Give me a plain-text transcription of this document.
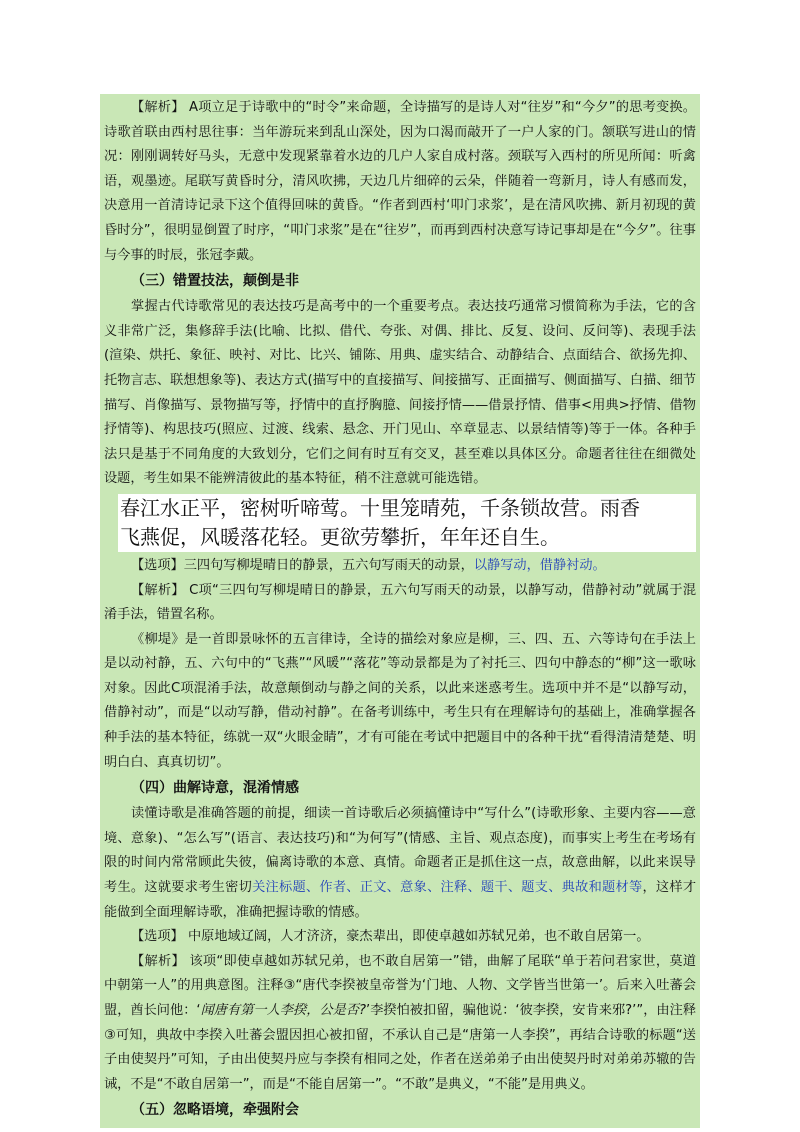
【解析】 A项立足于诗歌中的“时令”来命题，全诗描写的是诗人对“往岁”和“今夕”的思考变换。诗歌首联由西村思往事：当年游玩来到乱山深处，因为口渴而敲开了一户人家的门。颔联写进山的情况：刚刚调转好马头，无意中发现紧靠着水边的几户人家自成村落。颈联写入西村的所见所闻：听禽语，观墨迹。尾联写黄昏时分，清风吹拂，天边几片细碎的云朵，伴随着一弯新月，诗人有感而发，决意用一首清诗记录下这个值得回味的黄昏。“作者到西村‘叩门求浆’，是在清风吹拂、新月初现的黄昏时分”，很明显倒置了时序，“叩门求浆”是在“往岁”，而再到西村决意写诗记事却是在“今夕”。往事与今事的时辰，张冠李戴。

（三）错置技法，颠倒是非

掌握古代诗歌常见的表达技巧是高考中的一个重要考点。表达技巧通常习惯简称为手法，它的含义非常广泛，集修辞手法(比喻、比拟、借代、夸张、对偶、排比、反复、设问、反问等)、表现手法(渲染、烘托、象征、映衬、对比、比兴、铺陈、用典、虚实结合、动静结合、点面结合、欲扬先抑、托物言志、联想想象等)、表达方式(描写中的直接描写、间接描写、正面描写、侧面描写、白描、细节描写、肖像描写、景物描写等，抒情中的直抒胸臆、间接抒情——借景抒情、借事<用典>抒情、借物抒情等)、构思技巧(照应、过渡、线索、悬念、开门见山、卒章显志、以景结情等)等于一体。各种手法只是基于不同角度的大致划分，它们之间有时互有交叉，甚至难以具体区分。命题者往往在细微处设题，考生如果不能辨清彼此的基本特征，稍不注意就可能选错。

春江水正平，密树听啼莺。十里笼晴苑，千条锁故营。雨香
飞燕促，风暖落花轻。更欲劳攀折，年年还自生。

【选项】三四句写柳堤晴日的静景，五六句写雨天的动景，以静写动，借静衬动。

【解析】 C项“三四句写柳堤晴日的静景，五六句写雨天的动景，以静写动，借静衬动”就属于混淆手法，错置名称。

《柳堤》是一首即景咏怀的五言律诗，全诗的描绘对象应是柳，三、四、五、六等诗句在手法上是以动衬静，五、六句中的“飞燕”“风暖”“落花”等动景都是为了衬托三、四句中静态的“柳”这一歌咏对象。因此C项混淆手法，故意颠倒动与静之间的关系，以此来迷惑考生。选项中并不是“以静写动，借静衬动”，而是“以动写静，借动衬静”。在备考训练中，考生只有在理解诗句的基础上，准确掌握各种手法的基本特征，练就一双“火眼金睛”，才有可能在考试中把题目中的各种干扰“看得清清楚楚、明明白白、真真切切”。

（四）曲解诗意，混淆情感

读懂诗歌是准确答题的前提，细读一首诗歌后必须搞懂诗中“写什么”(诗歌形象、主要内容——意境、意象)、“怎么写”(语言、表达技巧)和“为何写”(情感、主旨、观点态度)，而事实上考生在考场有限的时间内常常顾此失彼，偏离诗歌的本意、真情。命题者正是抓住这一点，故意曲解，以此来误导考生。这就要求考生密切关注标题、作者、正文、意象、注释、题干、题支、典故和题材等，这样才能做到全面理解诗歌，准确把握诗歌的情感。

【选项】 中原地域辽阔，人才济济，豪杰辈出，即使卓越如苏轼兄弟，也不敢自居第一。

【解析】 该项“即使卓越如苏轼兄弟，也不敢自居第一”错，曲解了尾联“单于若问君家世，莫道中朝第一人”的用典意图。注释③“唐代李揆被皇帝誉为‘门地、人物、文学皆当世第一’。后来入吐蕃会盟，酋长问他：‘闻唐有第一人李揆，公是否?’李揆怕被扣留，骗他说：‘彼李揆，安肯来邪?’”，由注释③可知，典故中李揆入吐蕃会盟因担心被扣留，不承认自己是“唐第一人李揆”，再结合诗歌的标题“送子由使契丹”可知，子由出使契丹应与李揆有相同之处，作者在送弟弟子由出使契丹时对弟弟苏辙的告诫，不是“不敢自居第一”，而是“不能自居第一”。“不敢”是典义，“不能”是用典义。

（五）忽略语境，牵强附会
